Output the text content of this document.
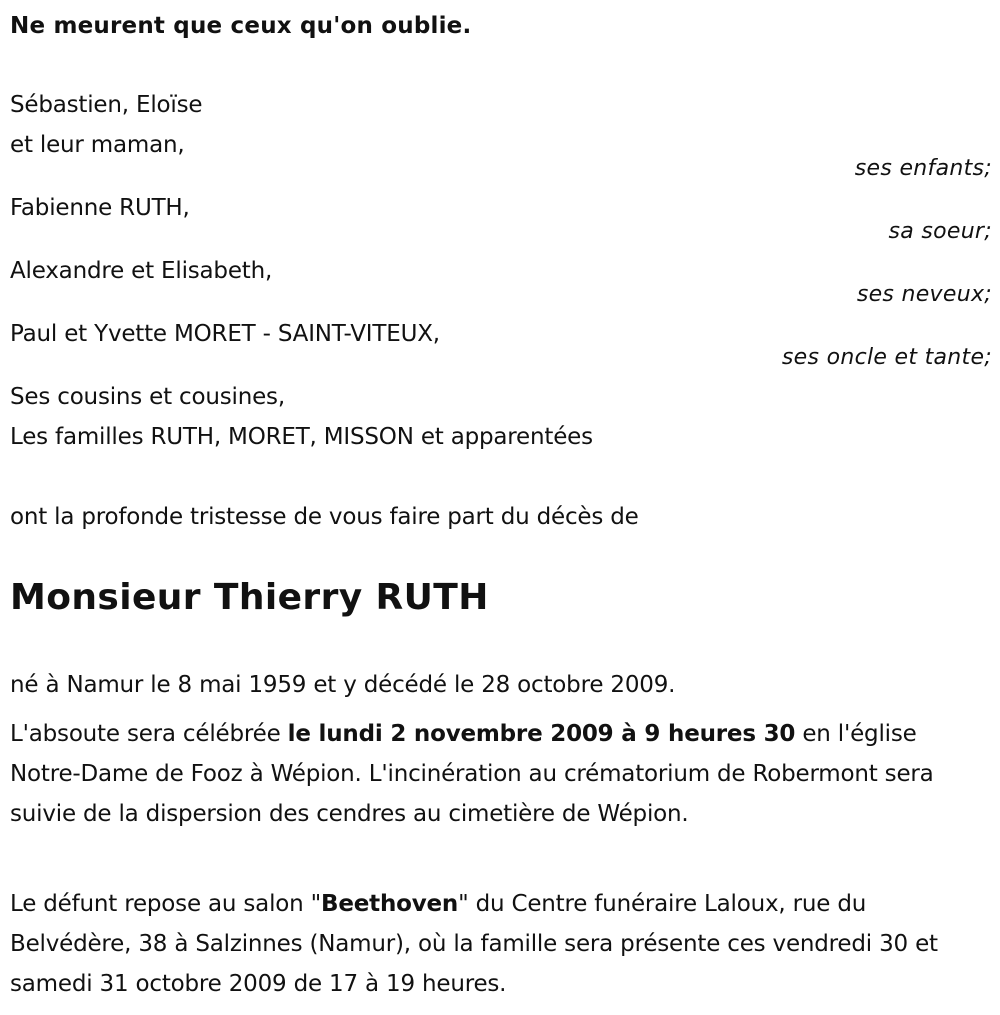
Ne meurent que ceux qu'on oublie.
Sébastien, Eloïse
et leur maman,
ses enfants;
Fabienne RUTH,
sa soeur;
Alexandre et Elisabeth,
ses neveux;
Paul et Yvette MORET - SAINT-VITEUX,
ses oncle et tante;
Ses cousins et cousines,
Les familles RUTH, MORET, MISSON et apparentées
ont la profonde tristesse de vous faire part du décès de
Monsieur Thierry RUTH
né à Namur le 8 mai 1959 et y décédé le 28 octobre 2009.
L'absoute sera célébrée le lundi 2 novembre 2009 à 9 heures 30 en l'église Notre-Dame de Fooz à Wépion. L'incinération au crématorium de Robermont sera suivie de la dispersion des cendres au cimetière de Wépion.
Le défunt repose au salon "Beethoven" du Centre funéraire Laloux, rue du Belvédère, 38 à Salzinnes (Namur), où la famille sera présente ces vendredi 30 et samedi 31 octobre 2009 de 17 à 19 heures.
